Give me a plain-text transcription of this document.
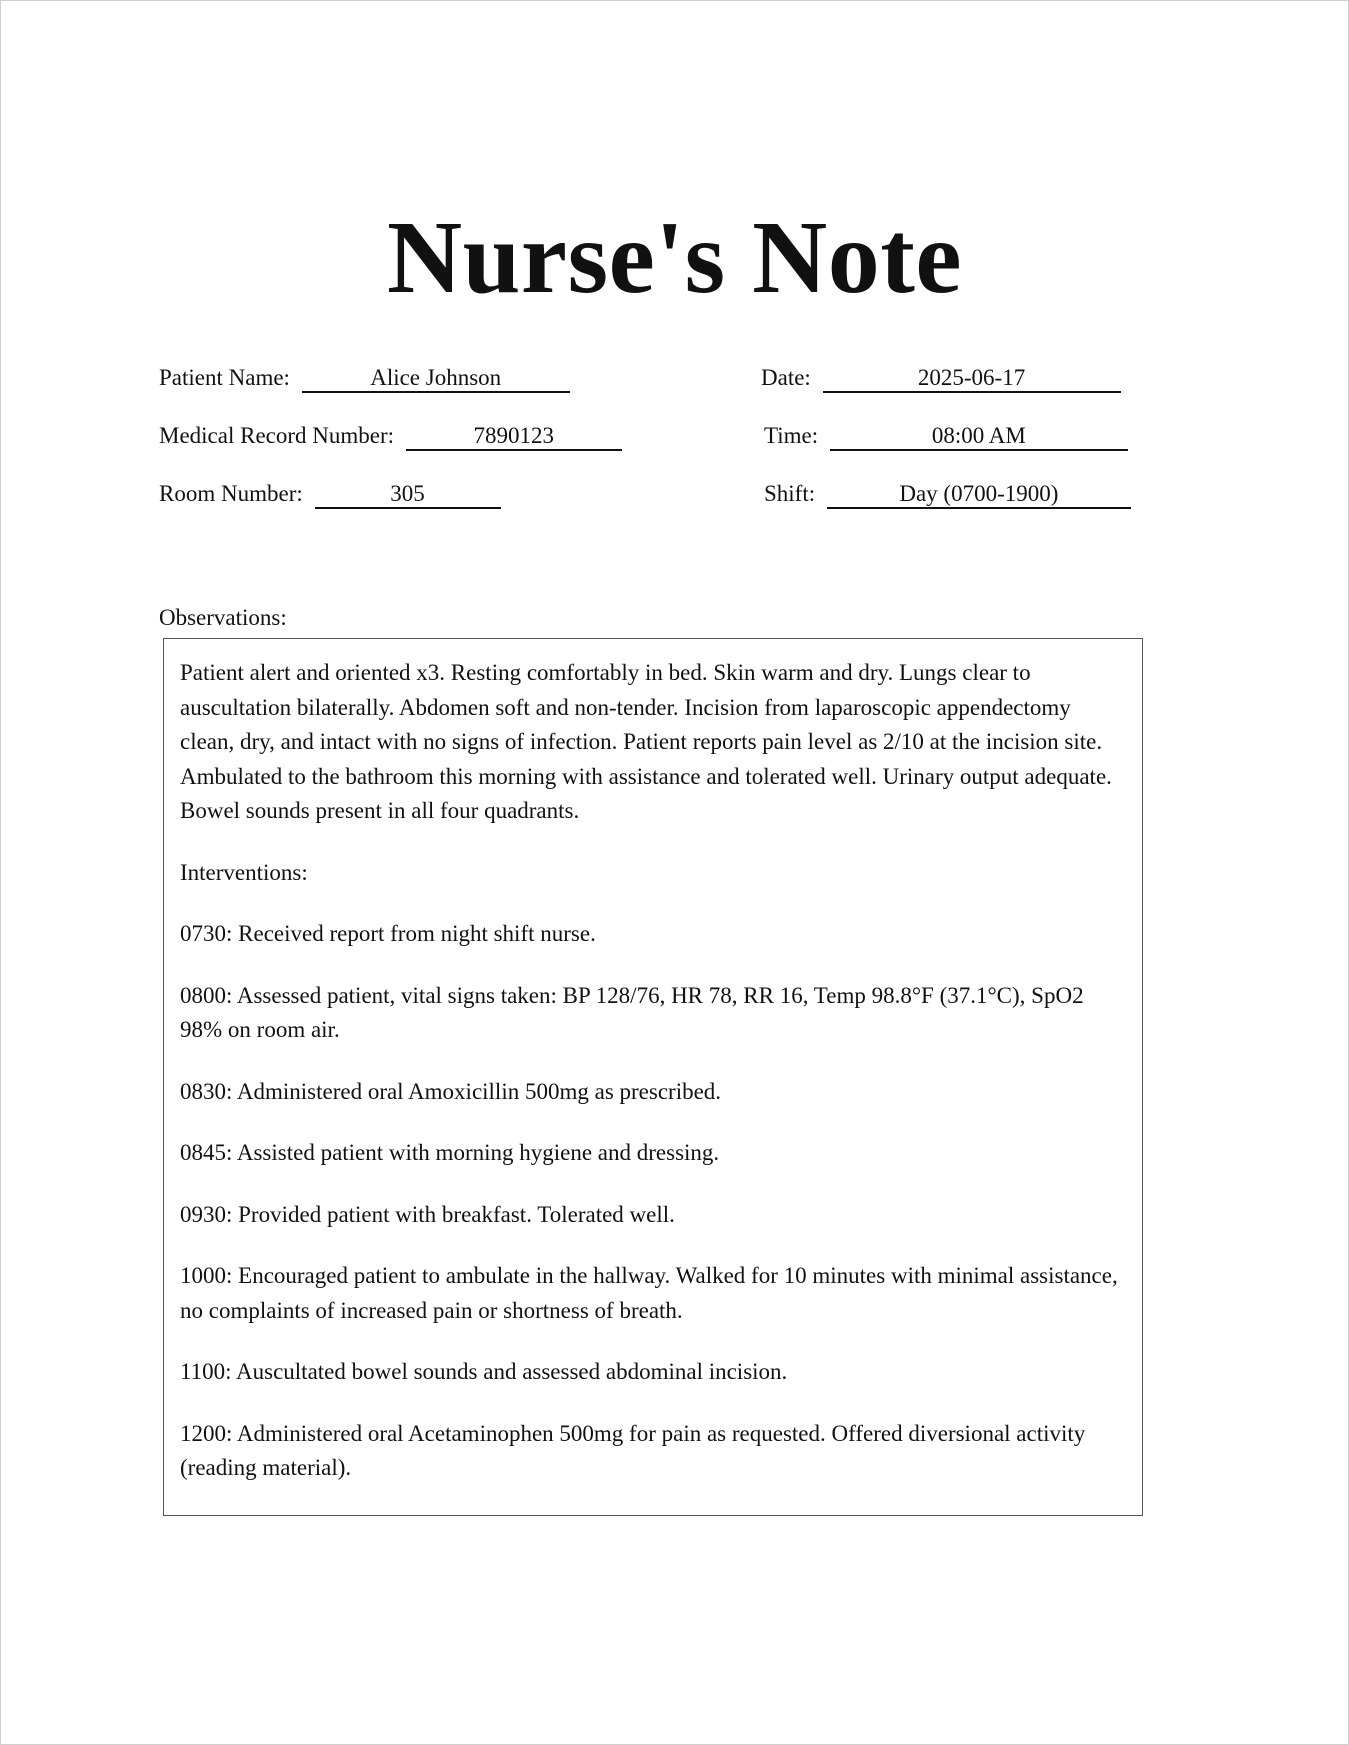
Nurse's Note
Patient Name:	Alice Johnson
Medical Record Number:	7890123
Room Number:	305
Date:	2025-06-17
Time:	08:00 AM
Shift:	Day (0700-1900)
Observations:

Patient alert and oriented x3. Resting comfortably in bed. Skin warm and dry. Lungs clear to auscultation bilaterally. Abdomen soft and non-tender. Incision from laparoscopic appendectomy clean, dry, and intact with no signs of infection. Patient reports pain level as 2/10 at the incision site. Ambulated to the bathroom this morning with assistance and tolerated well. Urinary output adequate. Bowel sounds present in all four quadrants.

Interventions:

0730: Received report from night shift nurse.

0800: Assessed patient, vital signs taken: BP 128/76, HR 78, RR 16, Temp 98.8°F (37.1°C), SpO2 98% on room air.

0830: Administered oral Amoxicillin 500mg as prescribed.

0845: Assisted patient with morning hygiene and dressing.

0930: Provided patient with breakfast. Tolerated well.

1000: Encouraged patient to ambulate in the hallway. Walked for 10 minutes with minimal assistance, no complaints of increased pain or shortness of breath.

1100: Auscultated bowel sounds and assessed abdominal incision.

1200: Administered oral Acetaminophen 500mg for pain as requested. Offered diversional activity (reading material).
